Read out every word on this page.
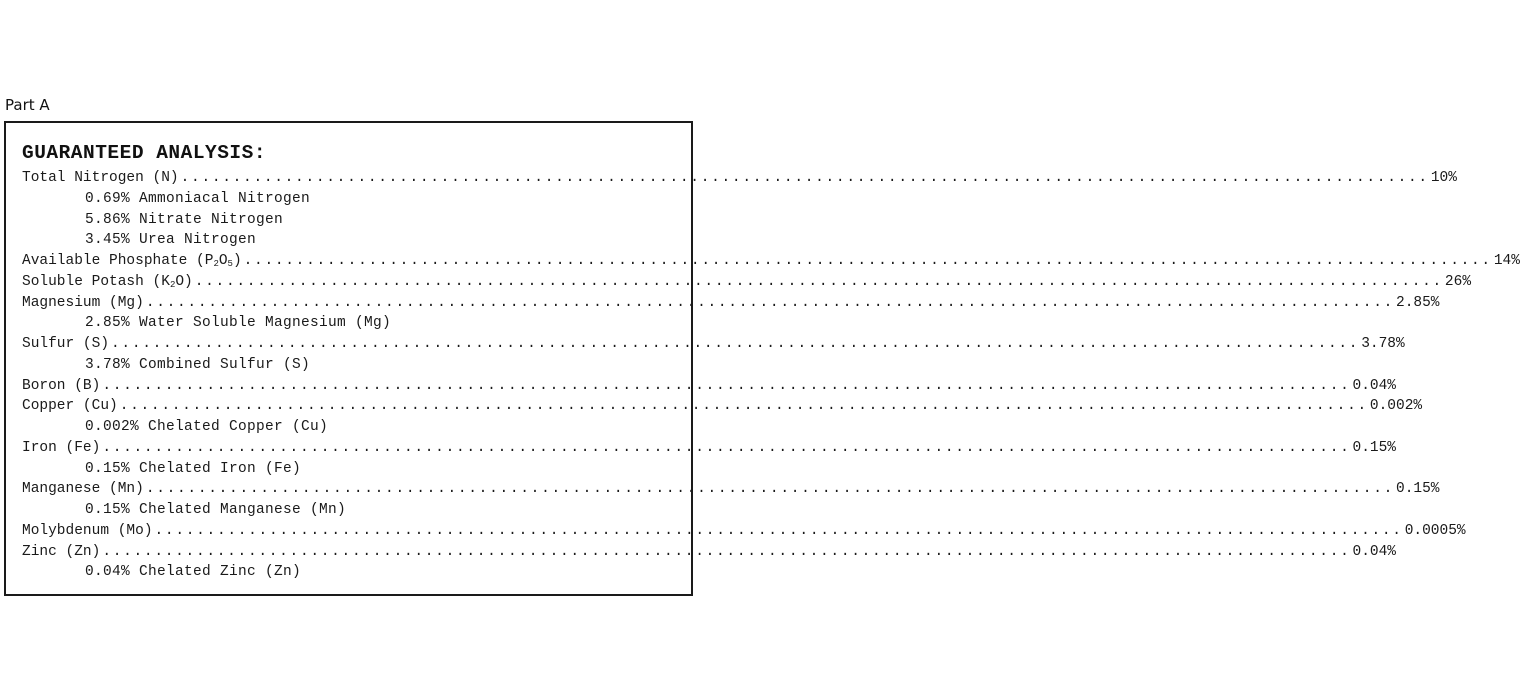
Part A
GUARANTEED ANALYSIS:
Total Nitrogen (N) ........................................................................................................................ 10%
0.69% Ammoniacal Nitrogen
5.86% Nitrate Nitrogen
3.45% Urea Nitrogen
Available Phosphate $(P_2O_5)$ ........................................................................................................................ 14%
Soluble Potash $(K_2O)$ ........................................................................................................................ 26%
Magnesium (Mg) ........................................................................................................................ 2.85%
2.85% Water Soluble Magnesium (Mg)
Sulfur (S) ........................................................................................................................ 3.78%
3.78% Combined Sulfur (S)
Boron (B) ........................................................................................................................ 0.04%
Copper (Cu) ........................................................................................................................ 0.002%
0.002% Chelated Copper (Cu)
Iron (Fe) ........................................................................................................................ 0.15%
0.15% Chelated Iron (Fe)
Manganese (Mn) ........................................................................................................................ 0.15%
0.15% Chelated Manganese (Mn)
Molybdenum (Mo) ........................................................................................................................ 0.0005%
Zinc (Zn) ........................................................................................................................ 0.04%
0.04% Chelated Zinc (Zn)
